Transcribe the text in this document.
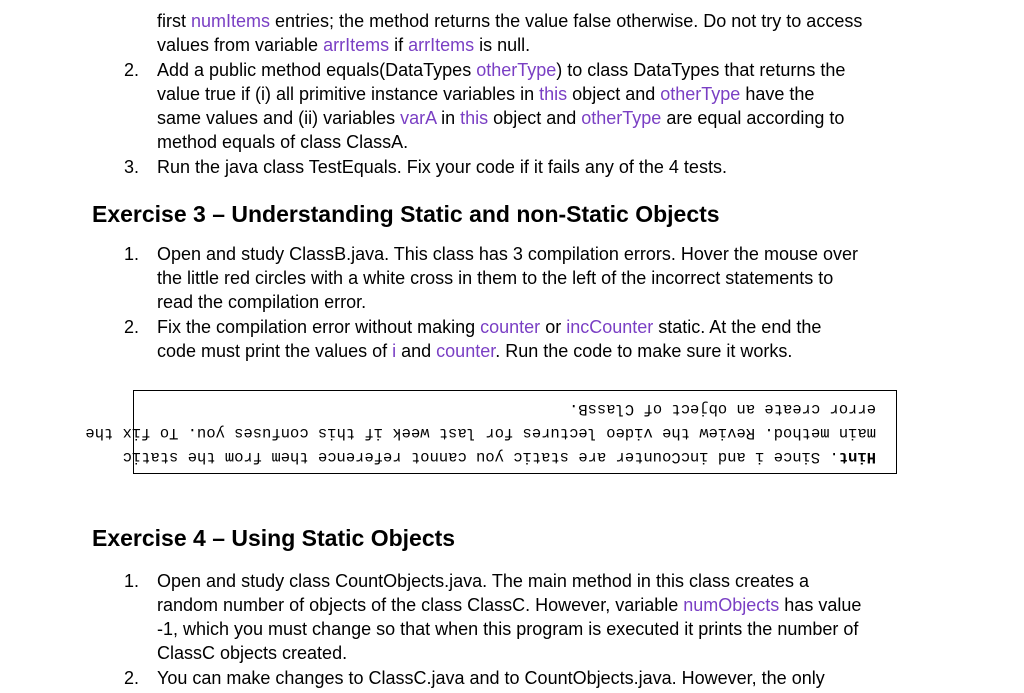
first numItems entries; the method returns the value false otherwise. Do not try to access
values from variable arrItems if arrItems is null.
2. Add a public method equals(DataTypes otherType) to class DataTypes that returns the
value true if (i) all primitive instance variables in this object and otherType have the
same values and (ii) variables varA in this object and otherType are equal according to
method equals of class ClassA.
3. Run the java class TestEquals. Fix your code if it fails any of the 4 tests.
Exercise 3 – Understanding Static and non-Static Objects
1. Open and study ClassB.java. This class has 3 compilation errors. Hover the mouse over
the little red circles with a white cross in them to the left of the incorrect statements to
read the compilation error.
2. Fix the compilation error without making counter or incCounter static. At the end the
code must print the values of i and counter. Run the code to make sure it works.
Hint. Since i and incCounter are static you cannot reference them from the static
main method. Review the video lectures for last week if this confuses you. To fix the
error create an object of ClassB.
Exercise 4 – Using Static Objects
1. Open and study class CountObjects.java. The main method in this class creates a
random number of objects of the class ClassC. However, variable numObjects has value
-1, which you must change so that when this program is executed it prints the number of
ClassC objects created.
2. You can make changes to ClassC.java and to CountObjects.java. However, the only
